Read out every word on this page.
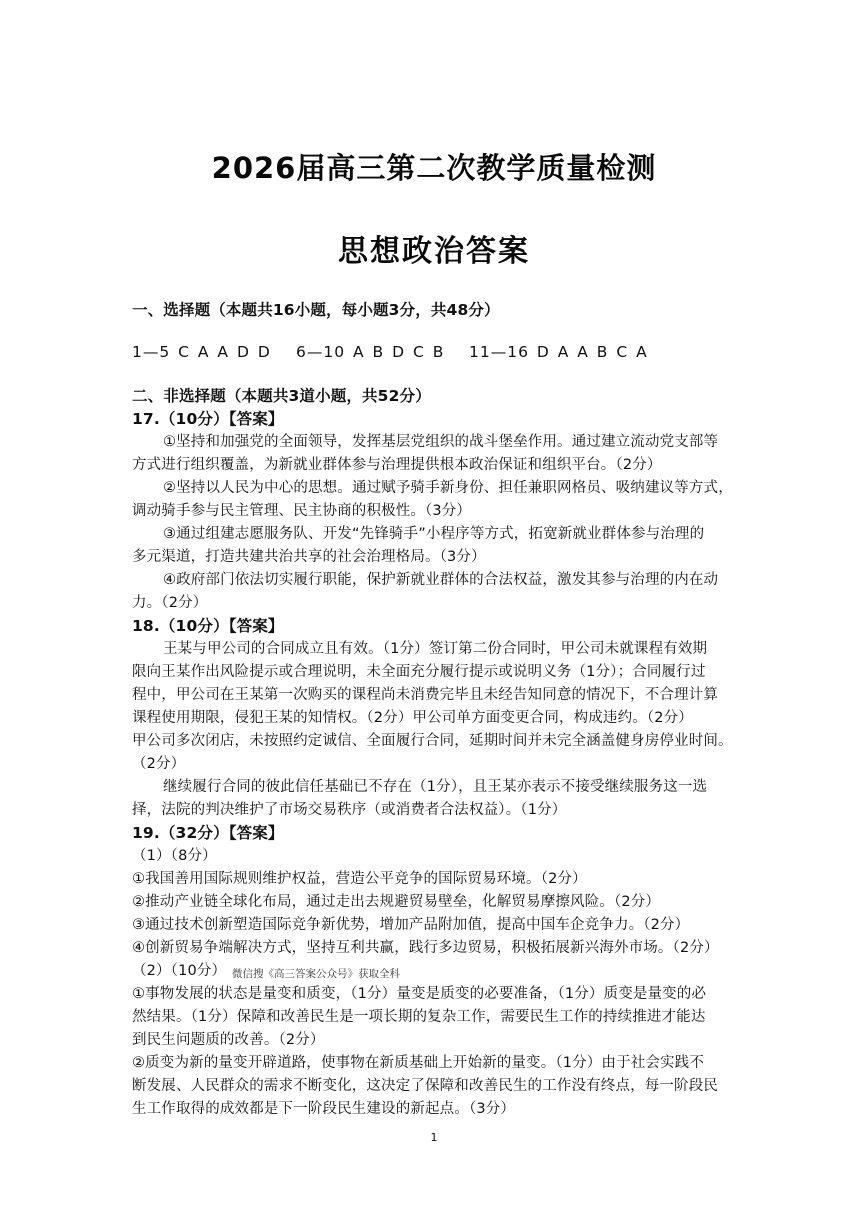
2026届高三第二次教学质量检测
思想政治答案
一、选择题（本题共16小题，每小题3分，共48分）
1—5 C A A D D 6—10 A B D C B 11—16 D A A B C A
二、非选择题（本题共3道小题，共52分）
17.（10分）【答案】
①坚持和加强党的全面领导，发挥基层党组织的战斗堡垒作用。通过建立流动党支部等
方式进行组织覆盖，为新就业群体参与治理提供根本政治保证和组织平台。（2分）
②坚持以人民为中心的思想。通过赋予骑手新身份、担任兼职网格员、吸纳建议等方式，
调动骑手参与民主管理、民主协商的积极性。（3分）
③通过组建志愿服务队、开发“先锋骑手”小程序等方式，拓宽新就业群体参与治理的
多元渠道，打造共建共治共享的社会治理格局。（3分）
④政府部门依法切实履行职能，保护新就业群体的合法权益，激发其参与治理的内在动
力。（2分）
18.（10分）【答案】
王某与甲公司的合同成立且有效。（1分）签订第二份合同时，甲公司未就课程有效期
限向王某作出风险提示或合理说明，未全面充分履行提示或说明义务（1分）；合同履行过
程中，甲公司在王某第一次购买的课程尚未消费完毕且未经告知同意的情况下，不合理计算
课程使用期限，侵犯王某的知情权。（2分）甲公司单方面变更合同，构成违约。（2分）
甲公司多次闭店，未按照约定诚信、全面履行合同，延期时间并未完全涵盖健身房停业时间。
（2分）
继续履行合同的彼此信任基础已不存在（1分），且王某亦表示不接受继续服务这一选
择，法院的判决维护了市场交易秩序（或消费者合法权益）。（1分）
19.（32分）【答案】
（1）（8分）
①我国善用国际规则维护权益，营造公平竞争的国际贸易环境。（2分）
②推动产业链全球化布局，通过走出去规避贸易壁垒，化解贸易摩擦风险。（2分）
③通过技术创新塑造国际竞争新优势，增加产品附加值，提高中国车企竞争力。（2分）
④创新贸易争端解决方式，坚持互利共赢，践行多边贸易，积极拓展新兴海外市场。（2分）
（2）（10分） 微信搜《高三答案公众号》获取全科
①事物发展的状态是量变和质变，（1分）量变是质变的必要准备，（1分）质变是量变的必
然结果。（1分）保障和改善民生是一项长期的复杂工作，需要民生工作的持续推进才能达
到民生问题质的改善。（2分）
②质变为新的量变开辟道路，使事物在新质基础上开始新的量变。（1分）由于社会实践不
断发展、人民群众的需求不断变化，这决定了保障和改善民生的工作没有终点，每一阶段民
生工作取得的成效都是下一阶段民生建设的新起点。（3分）
1
